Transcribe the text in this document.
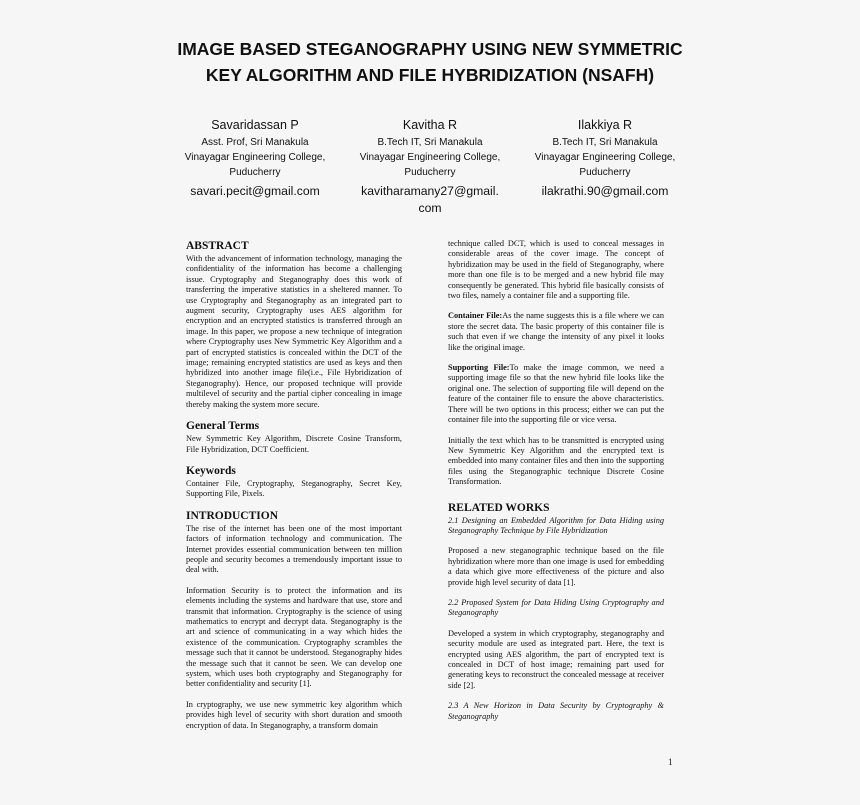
IMAGE BASED STEGANOGRAPHY USING NEW SYMMETRIC KEY ALGORITHM AND FILE HYBRIDIZATION (NSAFH)
Savaridassan P
Asst. Prof, Sri Manakula
Vinayagar Engineering College,
Puducherry
savari.pecit@gmail.com
Kavitha R
B.Tech IT, Sri Manakula
Vinayagar Engineering College,
Puducherry
kavitharamany27@gmail.com
Ilakkiya R
B.Tech IT, Sri Manakula
Vinayagar Engineering College,
Puducherry
ilakrathi.90@gmail.com
ABSTRACT
With the advancement of information technology, managing the confidentiality of the information has become a challenging issue. Cryptography and Steganography does this work of transferring the imperative statistics in a sheltered manner. To use Cryptography and Steganography as an integrated part to augment security, Cryptography uses AES algorithm for encryption and an encrypted statistics is transferred through an image. In this paper, we propose a new technique of integration where Cryptography uses New Symmetric Key Algorithm and a part of encrypted statistics is concealed within the DCT of the image; remaining encrypted statistics are used as keys and then hybridized into another image file(i.e., File Hybridization of Steganography). Hence, our proposed technique will provide multilevel of security and the partial cipher concealing in image thereby making the system more secure.
General Terms
New Symmetric Key Algorithm, Discrete Cosine Transform, File Hybridization, DCT Coefficient.
Keywords
Container File, Cryptography, Steganography, Secret Key, Supporting File, Pixels.
INTRODUCTION
The rise of the internet has been one of the most important factors of information technology and communication. The Internet provides essential communication between ten million people and security becomes a tremendously important issue to deal with.
Information Security is to protect the information and its elements including the systems and hardware that use, store and transmit that information. Cryptography is the science of using mathematics to encrypt and decrypt data. Steganography is the art and science of communicating in a way which hides the existence of the communication. Cryptography scrambles the message such that it cannot be understood. Steganography hides the message such that it cannot be seen. We can develop one system, which uses both cryptography and Steganography for better confidentiality and security [1].
In cryptography, we use new symmetric key algorithm which provides high level of security with short duration and smooth encryption of data. In Steganography, a transform domain
technique called DCT, which is used to conceal messages in considerable areas of the cover image. The concept of hybridization may be used in the field of Steganography, where more than one file is to be merged and a new hybrid file may consequently be generated. This hybrid file basically consists of two files, namely a container file and a supporting file.
Container File:As the name suggests this is a file where we can store the secret data. The basic property of this container file is such that even if we change the intensity of any pixel it looks like the original image.
Supporting File:To make the image common, we need a supporting image file so that the new hybrid file looks like the original one. The selection of supporting file will depend on the feature of the container file to ensure the above characteristics. There will be two options in this process; either we can put the container file into the supporting file or vice versa.
Initially the text which has to be transmitted is encrypted using New Symmetric Key Algorithm and the encrypted text is embedded into many container files and then into the supporting files using the Steganographic technique Discrete Cosine Transformation.
RELATED WORKS
2.1 Designing an Embedded Algorithm for Data Hiding using Steganography Technique by File Hybridization
Proposed a new steganographic technique based on the file hybridization where more than one image is used for embedding a data which give more effectiveness of the picture and also provide high level security of data [1].
2.2 Proposed System for Data Hiding Using Cryptography and Steganography
Developed a system in which cryptography, steganography and security module are used as integrated part. Here, the text is encrypted using AES algorithm, the part of encrypted text is concealed in DCT of host image; remaining part used for generating keys to reconstruct the concealed message at receiver side [2].
2.3 A New Horizon in Data Security by Cryptography & Steganography
1
